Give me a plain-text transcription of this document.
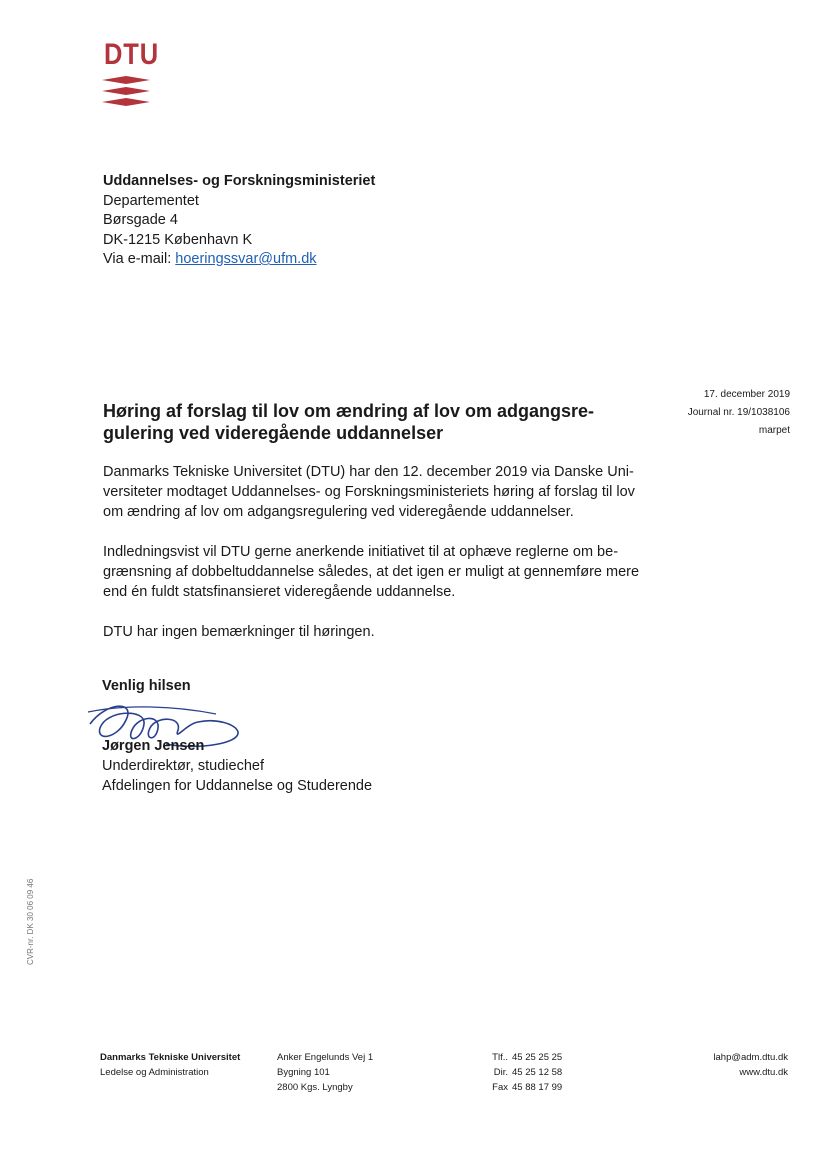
DTU
Uddannelses- og Forskningsministeriet
Departementet
Børsgade 4
DK-1215 København K
Via e-mail: hoeringssvar@ufm.dk
17. december 2019
Journal nr. 19/1038106
marpet
Høring af forslag til lov om ændring af lov om adgangsre-gulering ved videregående uddannelser
Danmarks Tekniske Universitet (DTU) har den 12. december 2019 via Danske Uni-versiteter modtaget Uddannelses- og Forskningsministeriets høring af forslag til lov om ændring af lov om adgangsregulering ved videregående uddannelser.
Indledningsvist vil DTU gerne anerkende initiativet til at ophæve reglerne om be-grænsning af dobbeltuddannelse således, at det igen er muligt at gennemføre mere end én fuldt statsfinansieret videregående uddannelse.
DTU har ingen bemærkninger til høringen.
Venlig hilsen
Jørgen Jensen
Underdirektør, studiechef
Afdelingen for Uddannelse og Studerende
CVR-nr. DK 30 06 09 46
Danmarks Tekniske Universitet
Ledelse og Administration
Anker Engelunds Vej 1
Bygning 101
2800 Kgs. Lyngby
Tlf.. 45 25 25 25
Dir. 45 25 12 58
Fax 45 88 17 99
lahp@adm.dtu.dk
www.dtu.dk
